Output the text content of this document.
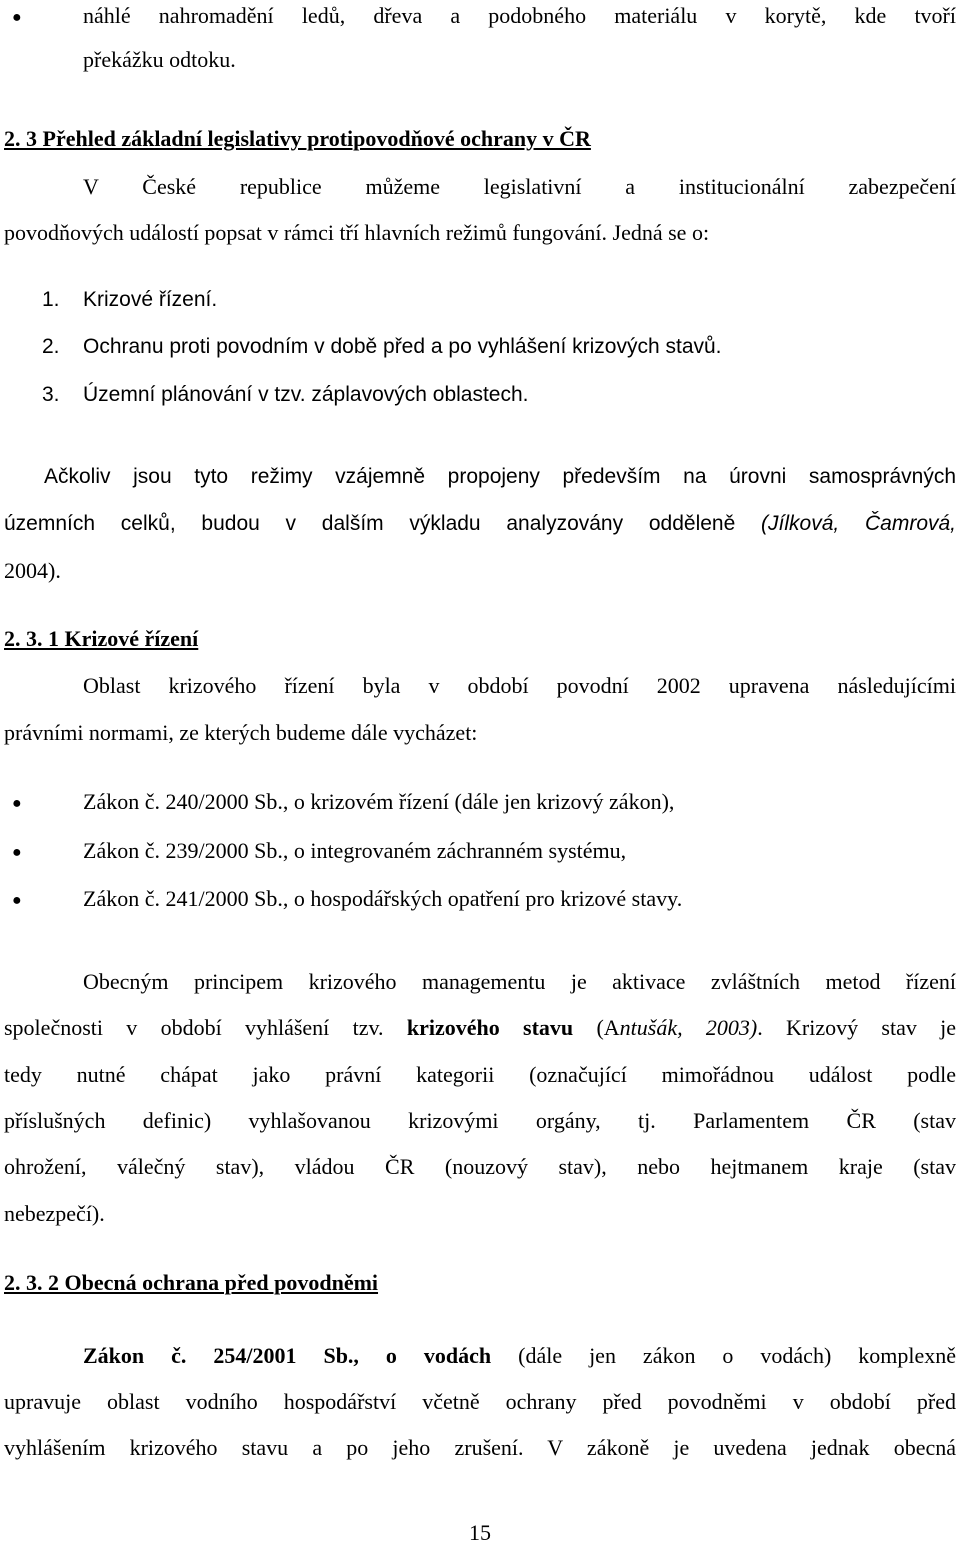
●	náhlé nahromadění ledů, dřeva a podobného materiálu v korytě, kde tvoří
překážku odtoku.
2. 3 Přehled základní legislativy protipovodňové ochrany v ČR
V České republice můžeme legislativní a institucionální zabezpečení
povodňových událostí popsat v rámci tří hlavních režimů fungování. Jedná se o:
1. Krizové řízení.
2. Ochranu proti povodním v době před a po vyhlášení krizových stavů.
3. Územní plánování v tzv. záplavových oblastech.
Ačkoliv jsou tyto režimy vzájemně propojeny především na úrovni samosprávných
územních celků, budou v dalším výkladu analyzovány odděleně (Jílková, Čamrová,
2004).
2. 3. 1 Krizové řízení
Oblast krizového řízení byla v období povodní 2002 upravena následujícími
právními normami, ze kterých budeme dále vycházet:
●	Zákon č. 240/2000 Sb., o krizovém řízení (dále jen krizový zákon),
●	Zákon č. 239/2000 Sb., o integrovaném záchranném systému,
●	Zákon č. 241/2000 Sb., o hospodářských opatření pro krizové stavy.
Obecným principem krizového managementu je aktivace zvláštních metod řízení
společnosti v období vyhlášení tzv. krizového stavu (Antušák, 2003). Krizový stav je
tedy nutné chápat jako právní kategorii (označující mimořádnou událost podle
příslušných definic) vyhlašovanou krizovými orgány, tj. Parlamentem ČR (stav
ohrožení, válečný stav), vládou ČR (nouzový stav), nebo hejtmanem kraje (stav
nebezpečí).
2. 3. 2 Obecná ochrana před povodněmi
Zákon č. 254/2001 Sb., o vodách (dále jen zákon o vodách) komplexně
upravuje oblast vodního hospodářství včetně ochrany před povodněmi v období před
vyhlášením krizového stavu a po jeho zrušení. V zákoně je uvedena jednak obecná
15
